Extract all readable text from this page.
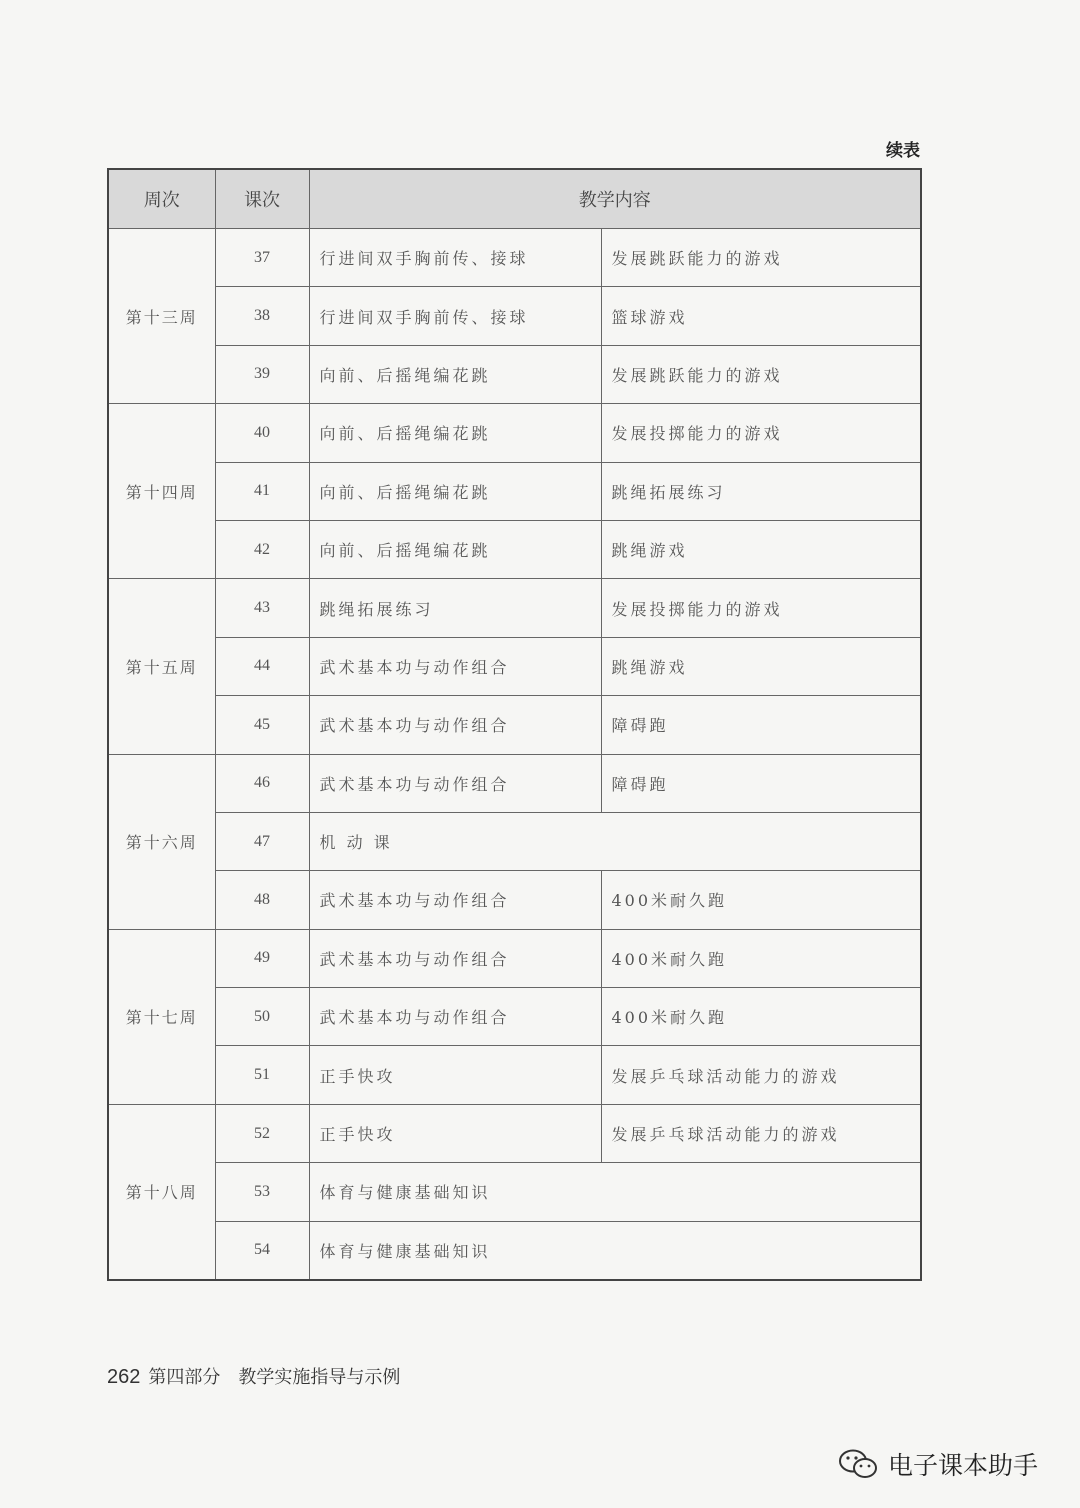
续表
周次	课次	教学内容	
第十三周	37	行进间双手胸前传、接球	发展跳跃能力的游戏
	38	行进间双手胸前传、接球	篮球游戏
	39	向前、后摇绳编花跳	发展跳跃能力的游戏
第十四周	40	向前、后摇绳编花跳	发展投掷能力的游戏
	41	向前、后摇绳编花跳	跳绳拓展练习
	42	向前、后摇绳编花跳	跳绳游戏
第十五周	43	跳绳拓展练习	发展投掷能力的游戏
	44	武术基本功与动作组合	跳绳游戏
	45	武术基本功与动作组合	障碍跑
第十六周	46	武术基本功与动作组合	障碍跑
	47	机 动 课	
	48	武术基本功与动作组合	400米耐久跑
第十七周	49	武术基本功与动作组合	400米耐久跑
	50	武术基本功与动作组合	400米耐久跑
	51	正手快攻	发展乒乓球活动能力的游戏
第十八周	52	正手快攻	发展乒乓球活动能力的游戏
	53	体育与健康基础知识	
	54	体育与健康基础知识	
262 第四部分 教学实施指导与示例
电子课本助手
